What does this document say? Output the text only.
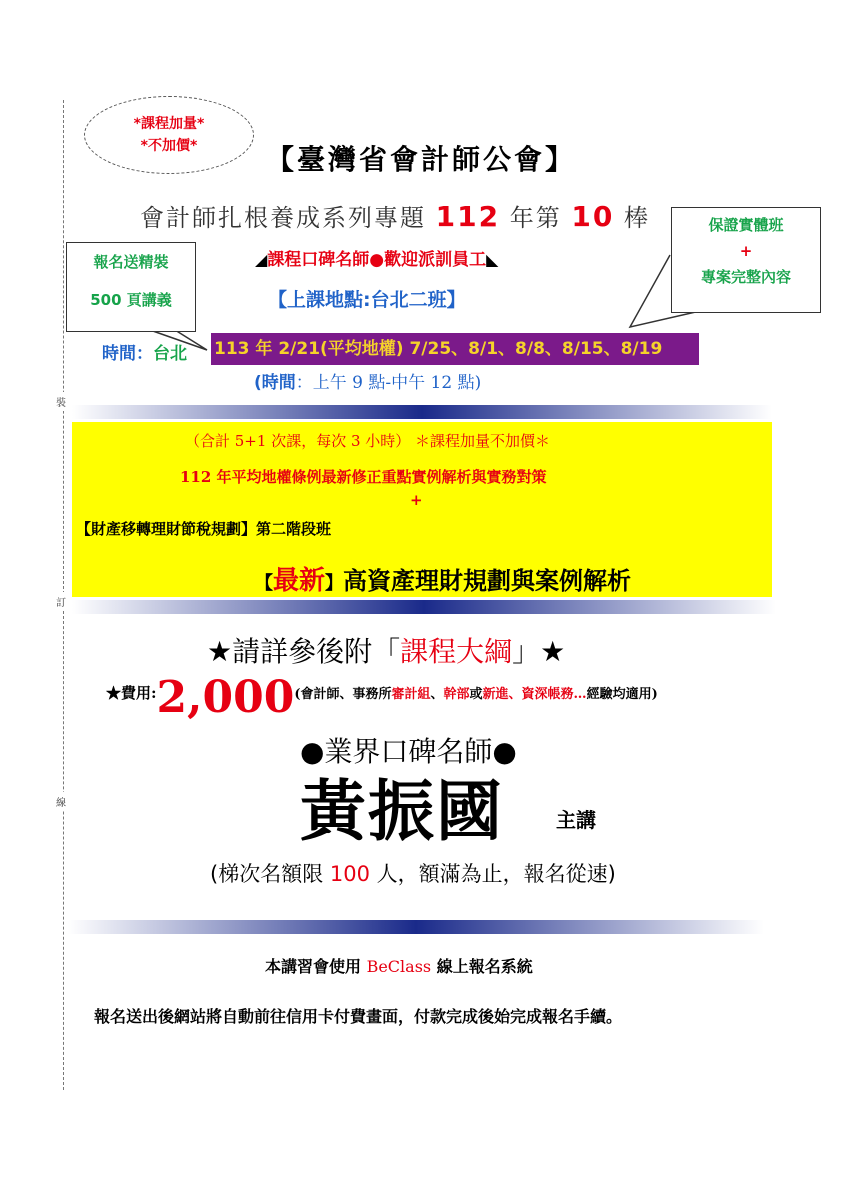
裝
訂
線
*課程加量*
*不加價* 【臺灣省會計師公會】
會計師扎根養成系列專題 112 年第 10 棒
◢課程口碑名師●歡迎派訓員工◣
【上課地點:台北二班】
報名送精裝
500 頁講義
保證實體班
+
專案完整內容
時間：台北 113 年 2/21(平均地權) 7/25、8/1、8/8、8/15、8/19
(時間：上午 9 點-中午 12 點)
（合計 5+1 次課，每次 3 小時） ＊課程加量不加價＊
112 年平均地權條例最新修正重點實例解析與實務對策
+
【財產移轉理財節稅規劃】第二階段班
【最新】高資產理財規劃與案例解析
★請詳參後附「課程大綱」★
★費用$:2,000^{(會計師、事務所審計組、幹部或新進、資深帳務\dots 經驗均適用)}$
●業界口碑名師●
黃振國	主講
(梯次名額限 100 人，額滿為止，報名從速)
本講習會使用 BeClass 線上報名系統
報名送出後網站將自動前往信用卡付費畫面，付款完成後始完成報名手續。
